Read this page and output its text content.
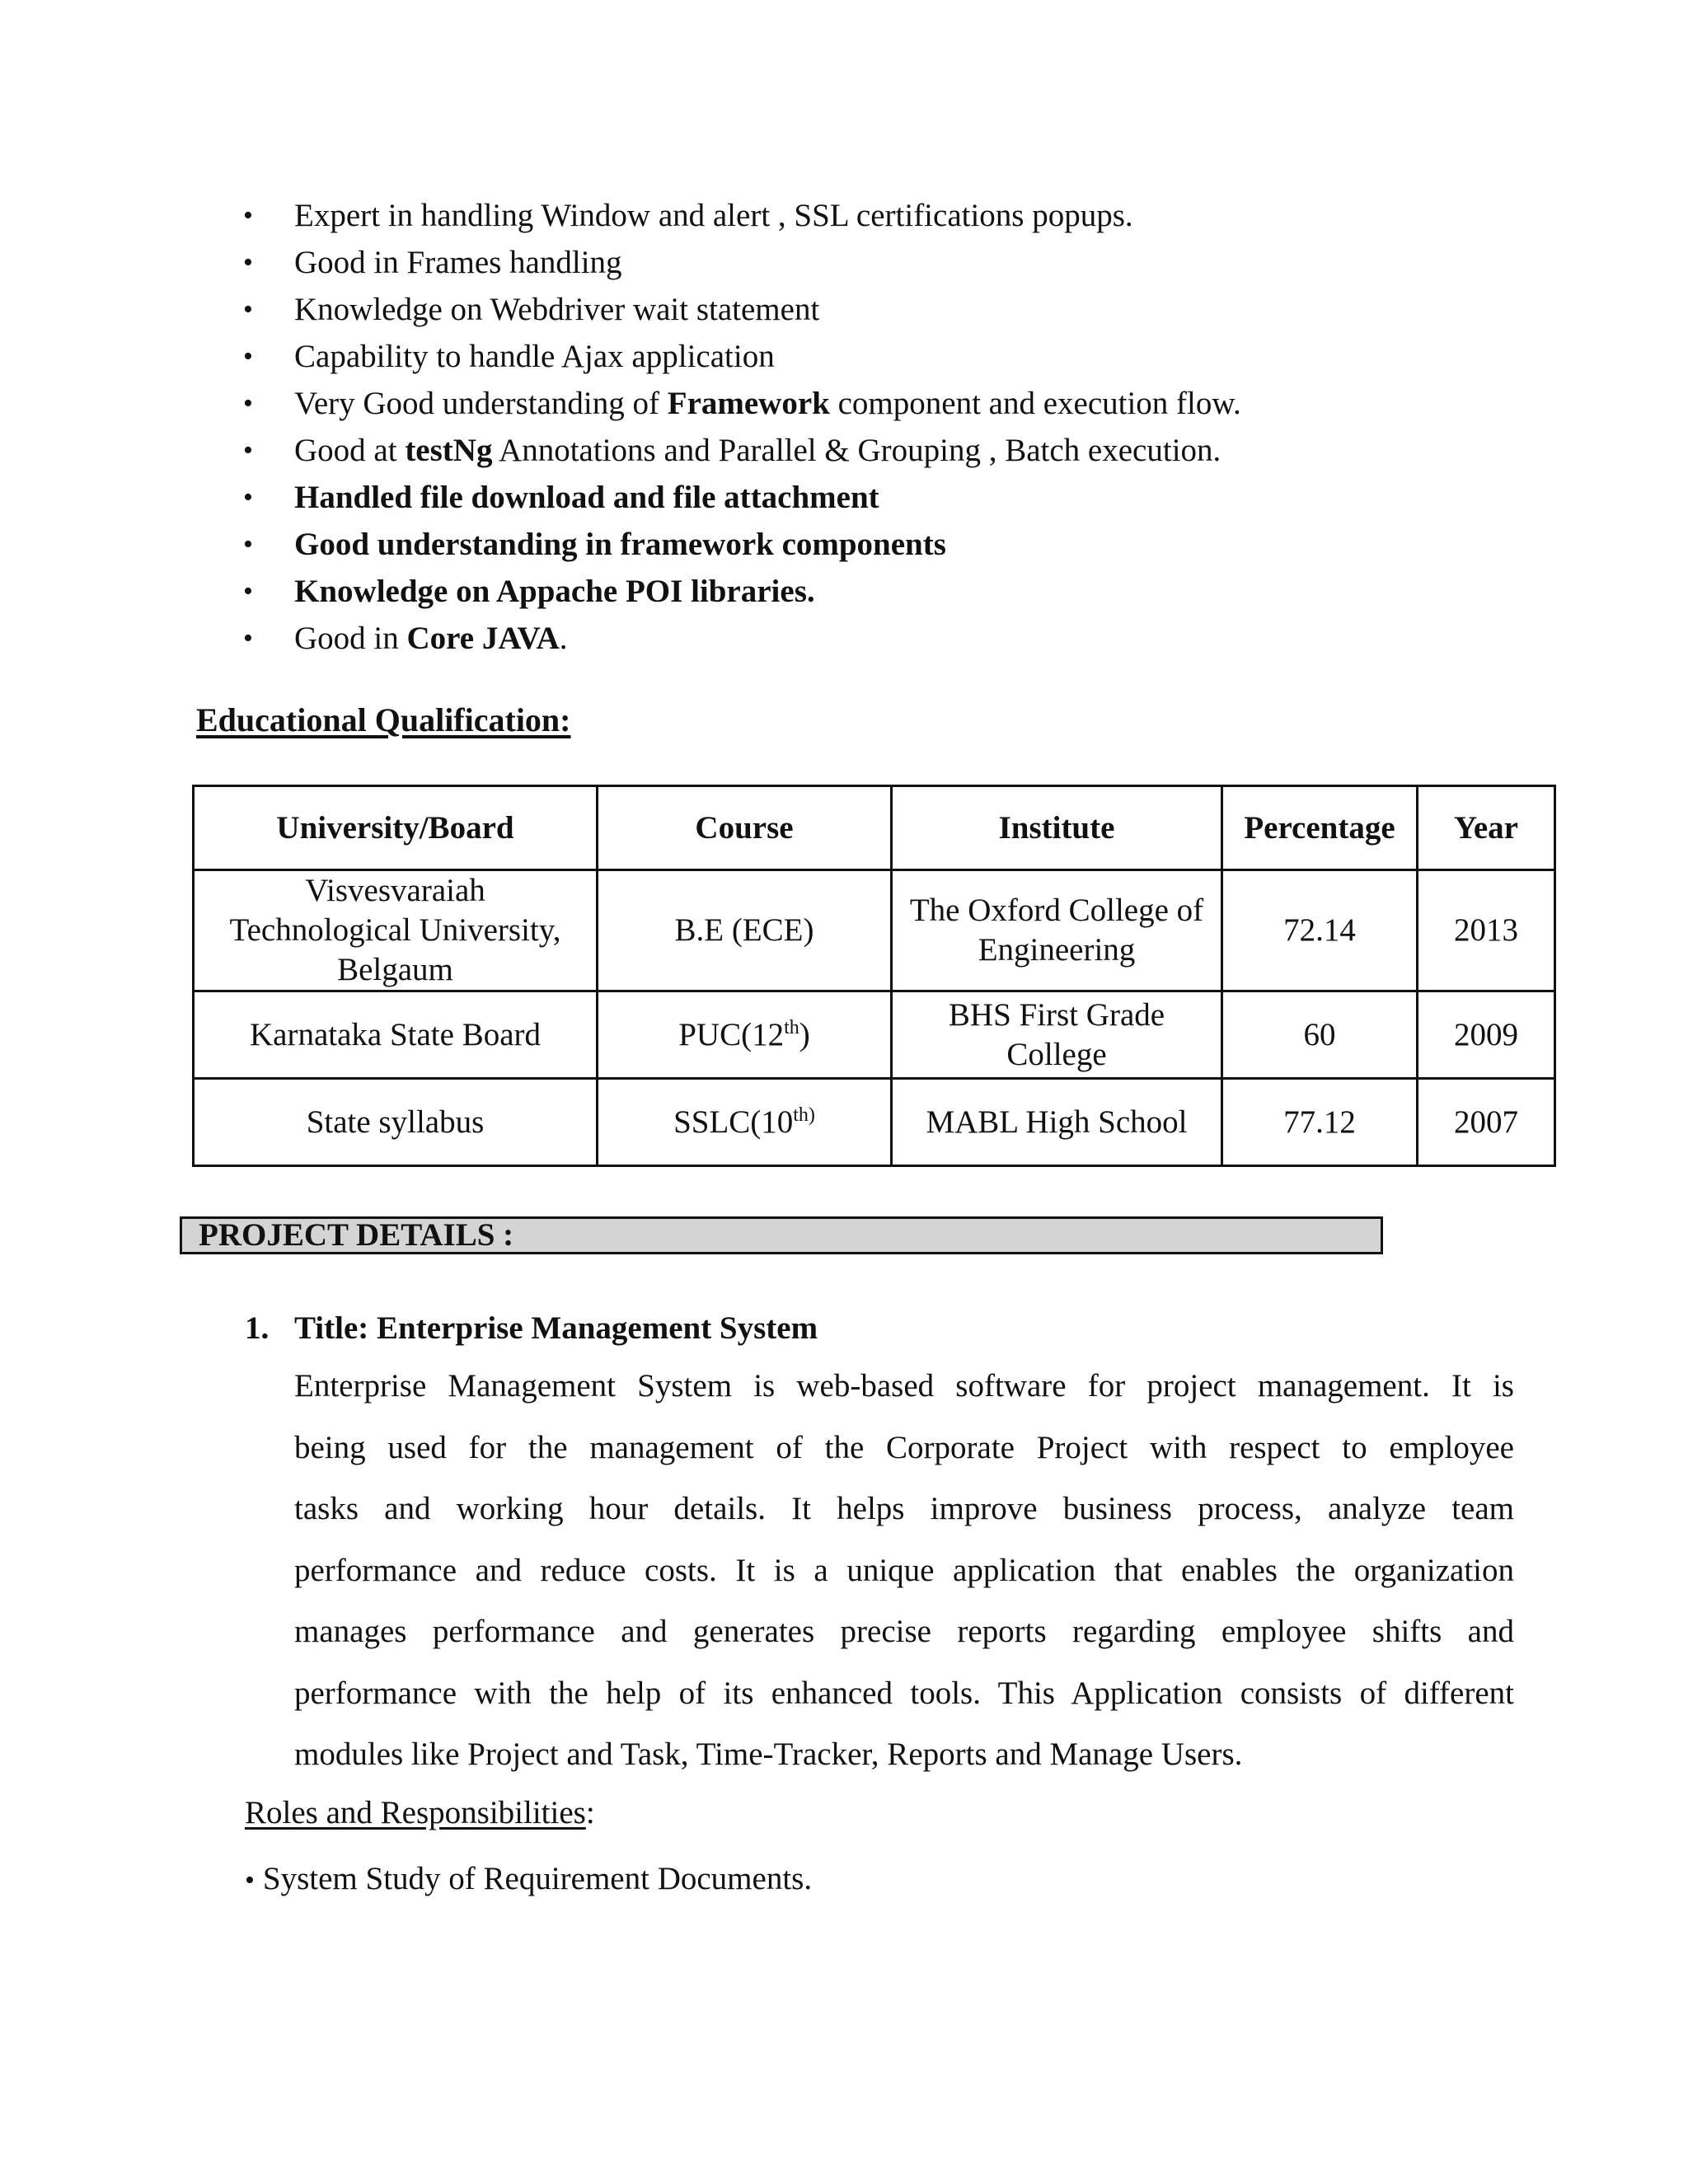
• Expert in handling Window and alert , SSL certifications popups.
• Good in Frames handling
• Knowledge on Webdriver wait statement
• Capability to handle Ajax application
• Very Good understanding of Framework component and execution flow.
• Good at testNg Annotations and Parallel & Grouping , Batch execution.
• Handled file download and file attachment
• Good understanding in framework components
• Knowledge on Appache POI libraries.
• Good in Core JAVA.
Educational Qualification:
University/Board	Course	Institute	Percentage	Year
Visvesvaraiah
Technological University,
Belgaum	B.E (ECE)	The Oxford College of
Engineering	72.14	2013
Karnataka State Board	PUC(12th)	BHS First Grade
College	60	2009
State syllabus	$SSLC(10^{th)}$	MABL High School	77.12	2007
PROJECT DETAILS :
1. Title: Enterprise Management System
Enterprise Management System is web-based software for project management. It is
being used for the management of the Corporate Project with respect to employee
tasks and working hour details. It helps improve business process, analyze team
performance and reduce costs. It is a unique application that enables the organization
manages performance and generates precise reports regarding employee shifts and
performance with the help of its enhanced tools. This Application consists of different
modules like Project and Task, Time-Tracker, Reports and Manage Users.
Roles and Responsibilities:
• System Study of Requirement Documents.
